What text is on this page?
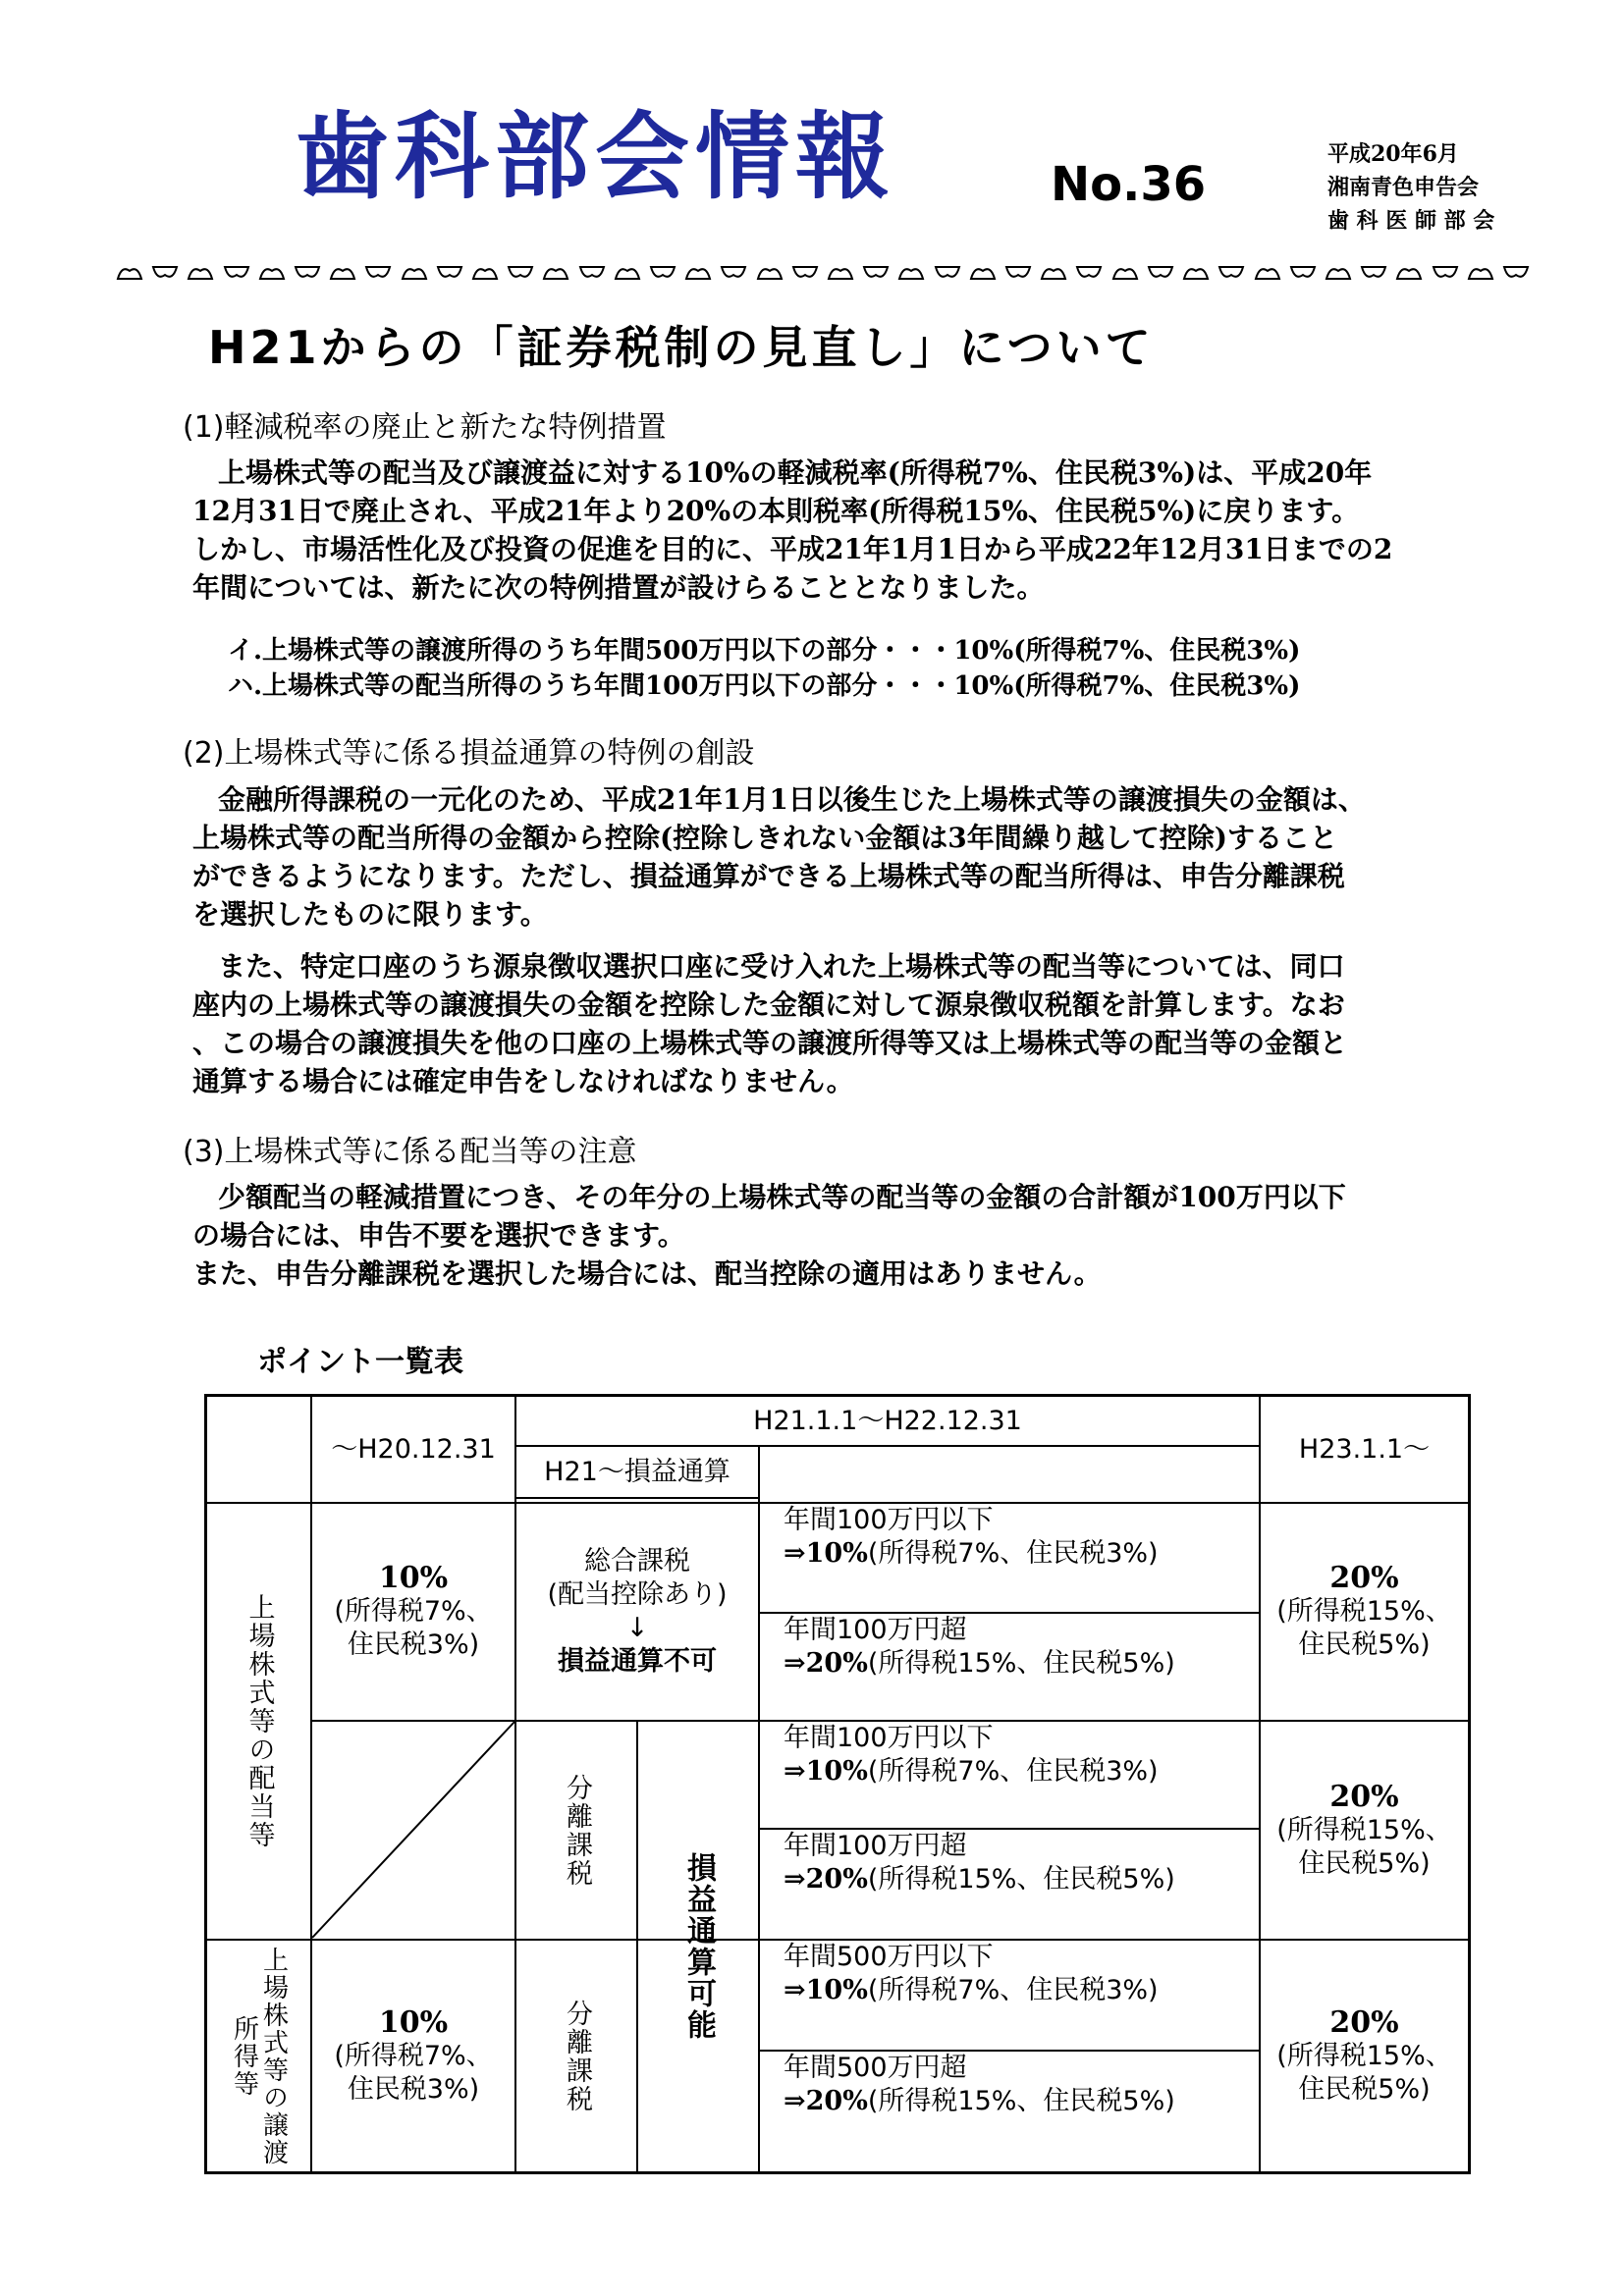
歯科部会情報	No.36
平成20年6月
湘南青色申告会
歯 科 医 師 部 会
H21からの「証券税制の見直し」について
(1)軽減税率の廃止と新たな特例措置
上場株式等の配当及び譲渡益に対する10%の軽減税率(所得税7%、住民税3%)は、平成20年
12月31日で廃止され、平成21年より20%の本則税率(所得税15%、住民税5%)に戻ります。
しかし、市場活性化及び投資の促進を目的に、平成21年1月1日から平成22年12月31日までの2
年間については、新たに次の特例措置が設けらることとなりました。
イ.上場株式等の譲渡所得のうち年間500万円以下の部分・・・10%(所得税7%、住民税3%)
ハ.上場株式等の配当所得のうち年間100万円以下の部分・・・10%(所得税7%、住民税3%)
(2)上場株式等に係る損益通算の特例の創設
金融所得課税の一元化のため、平成21年1月1日以後生じた上場株式等の譲渡損失の金額は、
上場株式等の配当所得の金額から控除(控除しきれない金額は3年間繰り越して控除)すること
ができるようになります。ただし、損益通算ができる上場株式等の配当所得は、申告分離課税
を選択したものに限ります。
また、特定口座のうち源泉徴収選択口座に受け入れた上場株式等の配当等については、同口
座内の上場株式等の譲渡損失の金額を控除した金額に対して源泉徴収税額を計算します。なお
、この場合の譲渡損失を他の口座の上場株式等の譲渡所得等又は上場株式等の配当等の金額と
通算する場合には確定申告をしなければなりません。
(3)上場株式等に係る配当等の注意
少額配当の軽減措置につき、その年分の上場株式等の配当等の金額の合計額が100万円以下
の場合には、申告不要を選択できます。
また、申告分離課税を選択した場合には、配当控除の適用はありません。
ポイント一覧表
～H20.12.31
H21.1.1～H22.12.31
H21～損益通算
H23.1.1～
上場株式等の配当等
上場株式等の譲渡所得等
10%
(所得税7%、
住民税3%)
総合課税
(配当控除あり)
↓
損益通算不可
分離課税
分離課税
損益通算可能
年間100万円以下
⇒10%(所得税7%、住民税3%)
年間100万円超
⇒20%(所得税15%、住民税5%)
年間100万円以下
⇒10%(所得税7%、住民税3%)
年間100万円超
⇒20%(所得税15%、住民税5%)
年間500万円以下
⇒10%(所得税7%、住民税3%)
年間500万円超
⇒20%(所得税15%、住民税5%)
20%
(所得税15%、
住民税5%)
20%
(所得税15%、
住民税5%)
20%
(所得税15%、
住民税5%)
10%
(所得税7%、
住民税3%)
